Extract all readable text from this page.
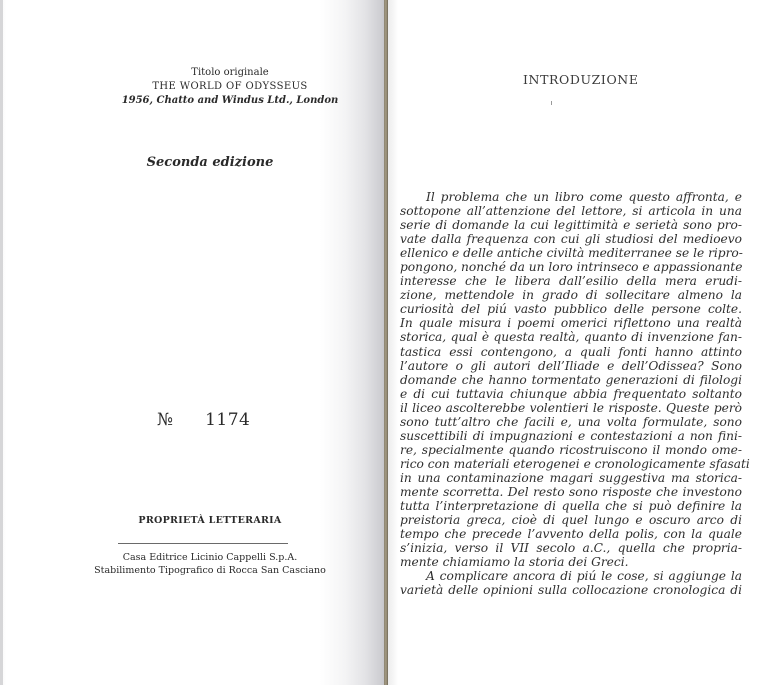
Titolo originale
THE WORLD OF ODYSSEUS
1956, Chatto and Windus Ltd., London
Seconda edizione
№ 1174
PROPRIETÀ LETTERARIA
Casa Editrice Licinio Cappelli S.p.A.
Stabilimento Tipografico di Rocca San Casciano
INTRODUZIONE
Il problema che un libro come questo affronta, e
sottopone all’attenzione del lettore, si articola in una
serie di domande la cui legittimità e serietà sono pro-
vate dalla frequenza con cui gli studiosi del medioevo
ellenico e delle antiche civiltà mediterranee se le ripro-
pongono, nonché da un loro intrinseco e appassionante
interesse che le libera dall’esilio della mera erudi-
zione, mettendole in grado di sollecitare almeno la
curiosità del piú vasto pubblico delle persone colte.
In quale misura i poemi omerici riflettono una realtà
storica, qual è questa realtà, quanto di invenzione fan-
tastica essi contengono, a quali fonti hanno attinto
l’autore o gli autori dell’Iliade e dell’Odissea? Sono
domande che hanno tormentato generazioni di filologi
e di cui tuttavia chiunque abbia frequentato soltanto
il liceo ascolterebbe volentieri le risposte. Queste però
sono tutt’altro che facili e, una volta formulate, sono
suscettibili di impugnazioni e contestazioni a non fini-
re, specialmente quando ricostruiscono il mondo ome-
rico con materiali eterogenei e cronologicamente sfasati
in una contaminazione magari suggestiva ma storica-
mente scorretta. Del resto sono risposte che investono
tutta l’interpretazione di quella che si può definire la
preistoria greca, cioè di quel lungo e oscuro arco di
tempo che precede l’avvento della polis, con la quale
s’inizia, verso il VII secolo a.C., quella che propria-
mente chiamiamo la storia dei Greci.
A complicare ancora di piú le cose, si aggiunge la
varietà delle opinioni sulla collocazione cronologica di
